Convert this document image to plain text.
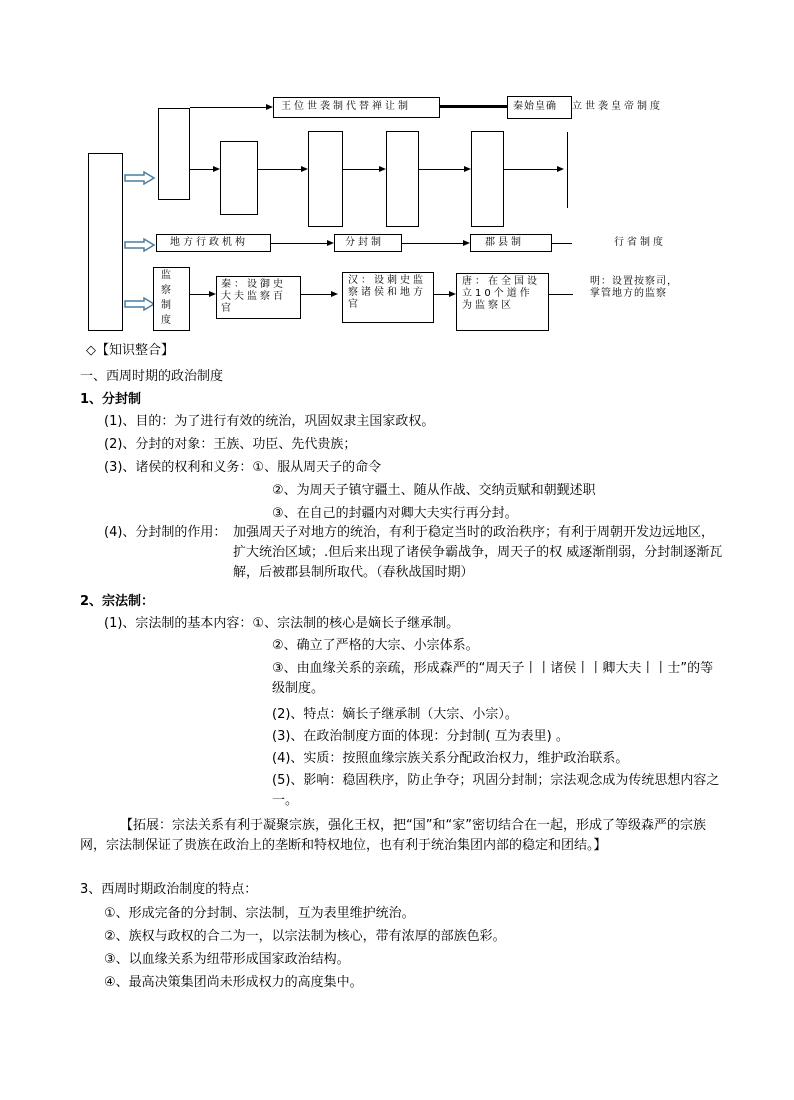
王位世袭制代替禅让制	秦始皇确 立世袭皇帝制度
地方行政机构	分封制	郡县制	行省制度
监察制度
秦：设御史大夫监察百官
汉：设刺史监察诸侯和地方官
唐：在全国设立10个道作为监察区
明：设置按察司，掌管地方的监察
◇【知识整合】
一、西周时期的政治制度
1、分封制
(1)、目的：为了进行有效的统治，巩固奴隶主国家政权。
(2)、分封的对象：王族、功臣、先代贵族；
(3)、诸侯的权利和义务：①、服从周天子的命令
②、为周天子镇守疆土、随从作战、交纳贡赋和朝觐述职
③、在自己的封疆内对卿大夫实行再分封。
(4)、分封制的作用： 加强周天子对地方的统治，有利于稳定当时的政治秩序；有利于周朝开发边远地区，扩大统治区域；.但后来出现了诸侯争霸战争，周天子的权 威逐渐削弱，分封制逐渐瓦解，后被郡县制所取代。（春秋战国时期）
2、宗法制：
(1)、宗法制的基本内容：①、宗法制的核心是嫡长子继承制。
②、确立了严格的大宗、小宗体系。
③、由血缘关系的亲疏，形成森严的“周天子丨丨诸侯丨丨卿大夫丨丨士”的等级制度。
(2)、特点：嫡长子继承制（大宗、小宗）。
(3)、在政治制度方面的体现：分封制( 互为表里) 。
(4)、实质：按照血缘宗族关系分配政治权力，维护政治联系。
(5)、影响：稳固秩序，防止争夺；巩固分封制；宗法观念成为传统思想内容之一。
【拓展：宗法关系有利于凝聚宗族，强化王权，把“国”和“家”密切结合在一起，形成了等级森严的宗族网，宗法制保证了贵族在政治上的垄断和特权地位，也有利于统治集团内部的稳定和团结。】
3、西周时期政治制度的特点：
①、形成完备的分封制、宗法制，互为表里维护统治。
②、族权与政权的合二为一，以宗法制为核心，带有浓厚的部族色彩。
③、以血缘关系为纽带形成国家政治结构。
④、最高决策集团尚未形成权力的高度集中。
